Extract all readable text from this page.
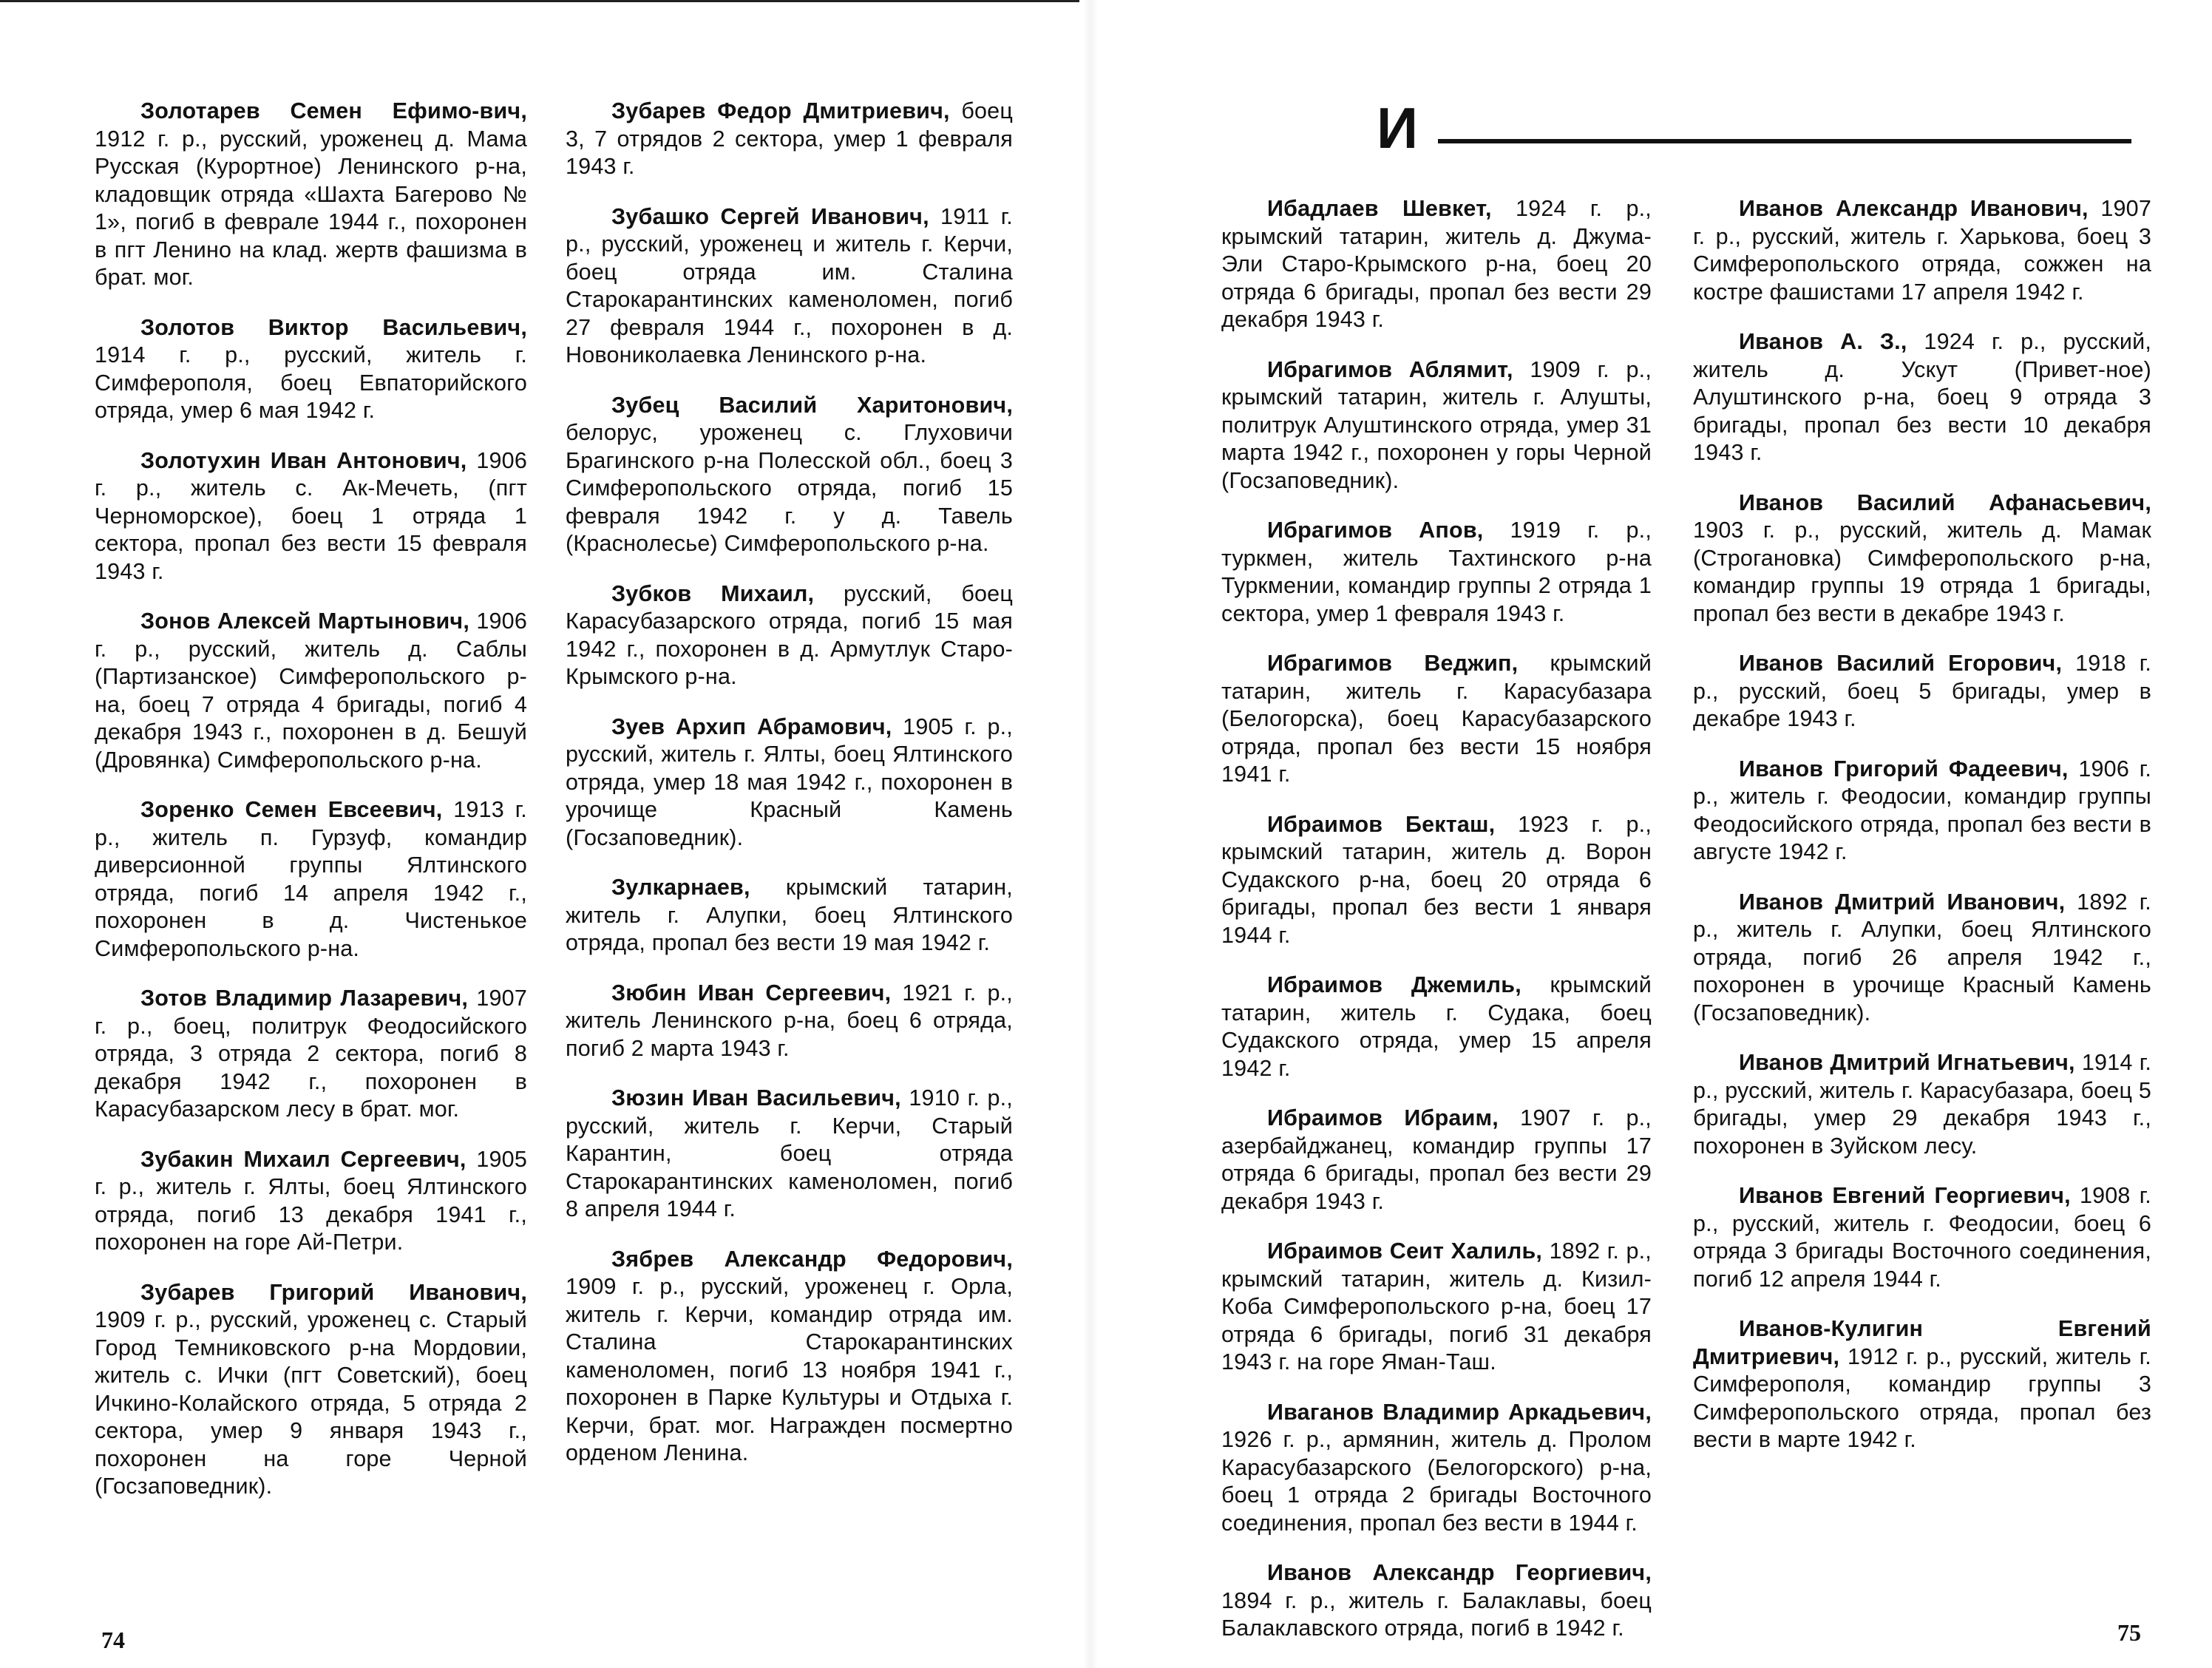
Золотарев Семен Ефимо-вич, 1912 г. р., русский, уроженец д. Мама Русская (Курортное) Ленинского р-на, кладовщик отряда «Шахта Багерово № 1», погиб в феврале 1944 г., похоронен в пгт Ленино на клад. жертв фашизма в брат. мог.

Золотов Виктор Васильевич, 1914 г. р., русский, житель г. Симферополя, боец Евпаторийского отряда, умер 6 мая 1942 г.

Золотухин Иван Антонович, 1906 г. р., житель с. Ак-Мечеть, (пгт Черноморское), боец 1 отряда 1 сектора, пропал без вести 15 февраля 1943 г.

Зонов Алексей Мартынович, 1906 г. р., русский, житель д. Саблы (Партизанское) Симферопольского р-на, боец 7 отряда 4 бригады, погиб 4 декабря 1943 г., похоронен в д. Бешуй (Дровянка) Симферопольского р-на.

Зоренко Семен Евсеевич, 1913 г. р., житель п. Гурзуф, командир диверсионной группы Ялтинского отряда, погиб 14 апреля 1942 г., похоронен в д. Чистенькое Симферопольского р-на.

Зотов Владимир Лазаревич, 1907 г. р., боец, политрук Феодосийского отряда, 3 отряда 2 сектора, погиб 8 декабря 1942 г., похоронен в Карасубазарском лесу в брат. мог.

Зубакин Михаил Сергеевич, 1905 г. р., житель г. Ялты, боец Ялтинского отряда, погиб 13 декабря 1941 г., похоронен на горе Ай-Петри.

Зубарев Григорий Иванович, 1909 г. р., русский, уроженец с. Старый Город Темниковского р-на Мордовии, житель с. Ички (пгт Советский), боец Ичкино-Колайского отряда, 5 отряда 2 сектора, умер 9 января 1943 г., похоронен на горе Черной (Госзаповедник).

Зубарев Федор Дмитриевич, боец 3, 7 отрядов 2 сектора, умер 1 февраля 1943 г.

Зубашко Сергей Иванович, 1911 г. р., русский, уроженец и житель г. Керчи, боец отряда им. Сталина Старокарантинских каменоломен, погиб 27 февраля 1944 г., похоронен в д. Новониколаевка Ленинского р-на.

Зубец Василий Харитонович, белорус, уроженец с. Глуховичи Брагинского р-на Полесской обл., боец 3 Симферопольского отряда, погиб 15 февраля 1942 г. у д. Тавель (Краснолесье) Симферопольского р-на.

Зубков Михаил, русский, боец Карасубазарского отряда, погиб 15 мая 1942 г., похоронен в д. Армутлук Старо-Крымского р-на.

Зуев Архип Абрамович, 1905 г. р., русский, житель г. Ялты, боец Ялтинского отряда, умер 18 мая 1942 г., похоронен в урочище Красный Камень (Госзаповедник).

Зулкарнаев, крымский татарин, житель г. Алупки, боец Ялтинского отряда, пропал без вести 19 мая 1942 г.

Зюбин Иван Сергеевич, 1921 г. р., житель Ленинского р-на, боец 6 отряда, погиб 2 марта 1943 г.

Зюзин Иван Васильевич, 1910 г. р., русский, житель г. Керчи, Старый Карантин, боец отряда Старокарантинских каменоломен, погиб 8 апреля 1944 г.

Зябрев Александр Федорович, 1909 г. р., русский, уроженец г. Орла, житель г. Керчи, командир отряда им. Сталина Старокарантинских каменоломен, погиб 13 ноября 1941 г., похоронен в Парке Культуры и Отдыха г. Керчи, брат. мог. Награжден посмертно орденом Ленина.

74
И

Ибадлаев Шевкет, 1924 г. р., крымский татарин, житель д. Джума-Эли Старо-Крымского р-на, боец 20 отряда 6 бригады, пропал без вести 29 декабря 1943 г.

Ибрагимов Аблямит, 1909 г. р., крымский татарин, житель г. Алушты, политрук Алуштинского отряда, умер 31 марта 1942 г., похоронен у горы Черной (Госзаповедник).

Ибрагимов Апов, 1919 г. р., туркмен, житель Тахтинского р-на Туркмении, командир группы 2 отряда 1 сектора, умер 1 февраля 1943 г.

Ибрагимов Веджип, крымский татарин, житель г. Карасубазара (Белогорска), боец Карасубазарского отряда, пропал без вести 15 ноября 1941 г.

Ибраимов Бекташ, 1923 г. р., крымский татарин, житель д. Ворон Судакского р-на, боец 20 отряда 6 бригады, пропал без вести 1 января 1944 г.

Ибраимов Джемиль, крымский татарин, житель г. Судака, боец Судакского отряда, умер 15 апреля 1942 г.

Ибраимов Ибраим, 1907 г. р., азербайджанец, командир группы 17 отряда 6 бригады, пропал без вести 29 декабря 1943 г.

Ибраимов Сеит Халиль, 1892 г. р., крымский татарин, житель д. Кизил-Коба Симферопольского р-на, боец 17 отряда 6 бригады, погиб 31 декабря 1943 г. на горе Яман-Таш.

Иваганов Владимир Аркадьевич, 1926 г. р., армянин, житель д. Пролом Карасубазарского (Белогорского) р-на, боец 1 отряда 2 бригады Восточного соединения, пропал без вести в 1944 г.

Иванов Александр Георгиевич, 1894 г. р., житель г. Балаклавы, боец Балаклавского отряда, погиб в 1942 г.

Иванов Александр Иванович, 1907 г. р., русский, житель г. Харькова, боец 3 Симферопольского отряда, сожжен на костре фашистами 17 апреля 1942 г.

Иванов А. З., 1924 г. р., русский, житель д. Ускут (Привет-ное) Алуштинского р-на, боец 9 отряда 3 бригады, пропал без вести 10 декабря 1943 г.

Иванов Василий Афанасьевич, 1903 г. р., русский, житель д. Мамак (Строгановка) Симферопольского р-на, командир группы 19 отряда 1 бригады, пропал без вести в декабре 1943 г.

Иванов Василий Егорович, 1918 г. р., русский, боец 5 бригады, умер в декабре 1943 г.

Иванов Григорий Фадеевич, 1906 г. р., житель г. Феодосии, командир группы Феодосийского отряда, пропал без вести в августе 1942 г.

Иванов Дмитрий Иванович, 1892 г. р., житель г. Алупки, боец Ялтинского отряда, погиб 26 апреля 1942 г., похоронен в урочище Красный Камень (Госзаповедник).

Иванов Дмитрий Игнатьевич, 1914 г. р., русский, житель г. Карасубазара, боец 5 бригады, умер 29 декабря 1943 г., похоронен в Зуйском лесу.

Иванов Евгений Георгиевич, 1908 г. р., русский, житель г. Феодосии, боец 6 отряда 3 бригады Восточного соединения, погиб 12 апреля 1944 г.

Иванов-Кулигин Евгений Дмитриевич, 1912 г. р., русский, житель г. Симферополя, командир группы 3 Симферопольского отряда, пропал без вести в марте 1942 г.

75
